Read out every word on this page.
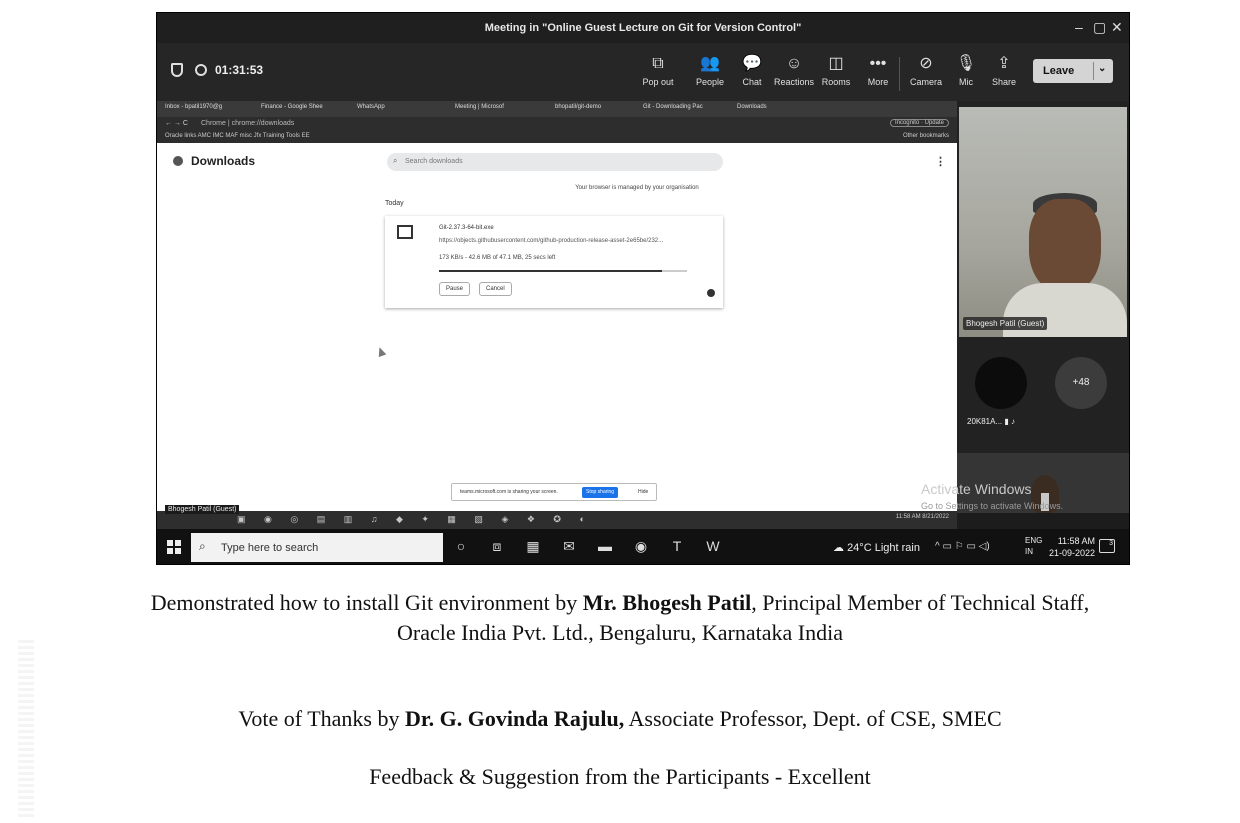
Meeting in "Online Guest Lecture on Git for Version Control"	– ▢ ✕
01:31:53	⧉
Pop out
👥
People
💬
Chat
☺
Reactions
◫
Rooms
•••
More
⊘
Camera
🎙
Mic
⇪
Share
Leave ⌄
Inbox - bpatil1970@g	Finance - Google Shee	WhatsApp	Meeting | Microsof	bhopatil/git-demo	Git - Downloading Pac	Downloads
← → C Chrome | chrome://downloads	Incognito · Update
Oracle links AMC IMC MAF misc Jfx Training Tools EE	Other bookmarks
Downloads	⌕ Search downloads	⋮
Your browser is managed by your organisation
Today
Git-2.37.3-64-bit.exe
https://objects.githubusercontent.com/github-production-release-asset-2e65be/232...
173 KB/s - 42.6 MB of 47.1 MB, 25 secs left
Pause	Cancel
teams.microsoft.com is sharing your screen.	Stop sharing	Hide
Bhogesh Patil (Guest)
+48
20K81A... ▮ ♪
Activate Windows
Go to Settings to activate Windows.
Bhogesh Patil (Guest)
▣ ◉ ◎ ▤ ▥ ♫ ◆ ✦ ▦ ▧ ◈ ❖ ✪ ◐	11:58 AM 8/21/2022
⌕ Type here to search	○ ⧈ ▦ ✉ ▬ ◉ T W	☁ 24°C Light rain ^ ▭ ⚐ ▭ ◁)
ENG
IN
11:58 AM
21-09-2022
3
Demonstrated how to install Git environment by Mr. Bhogesh Patil, Principal Member of Technical Staff,
Oracle India Pvt. Ltd., Bengaluru, Karnataka India
Vote of Thanks by Dr. G. Govinda Rajulu, Associate Professor, Dept. of CSE, SMEC
Feedback & Suggestion from the Participants - Excellent
